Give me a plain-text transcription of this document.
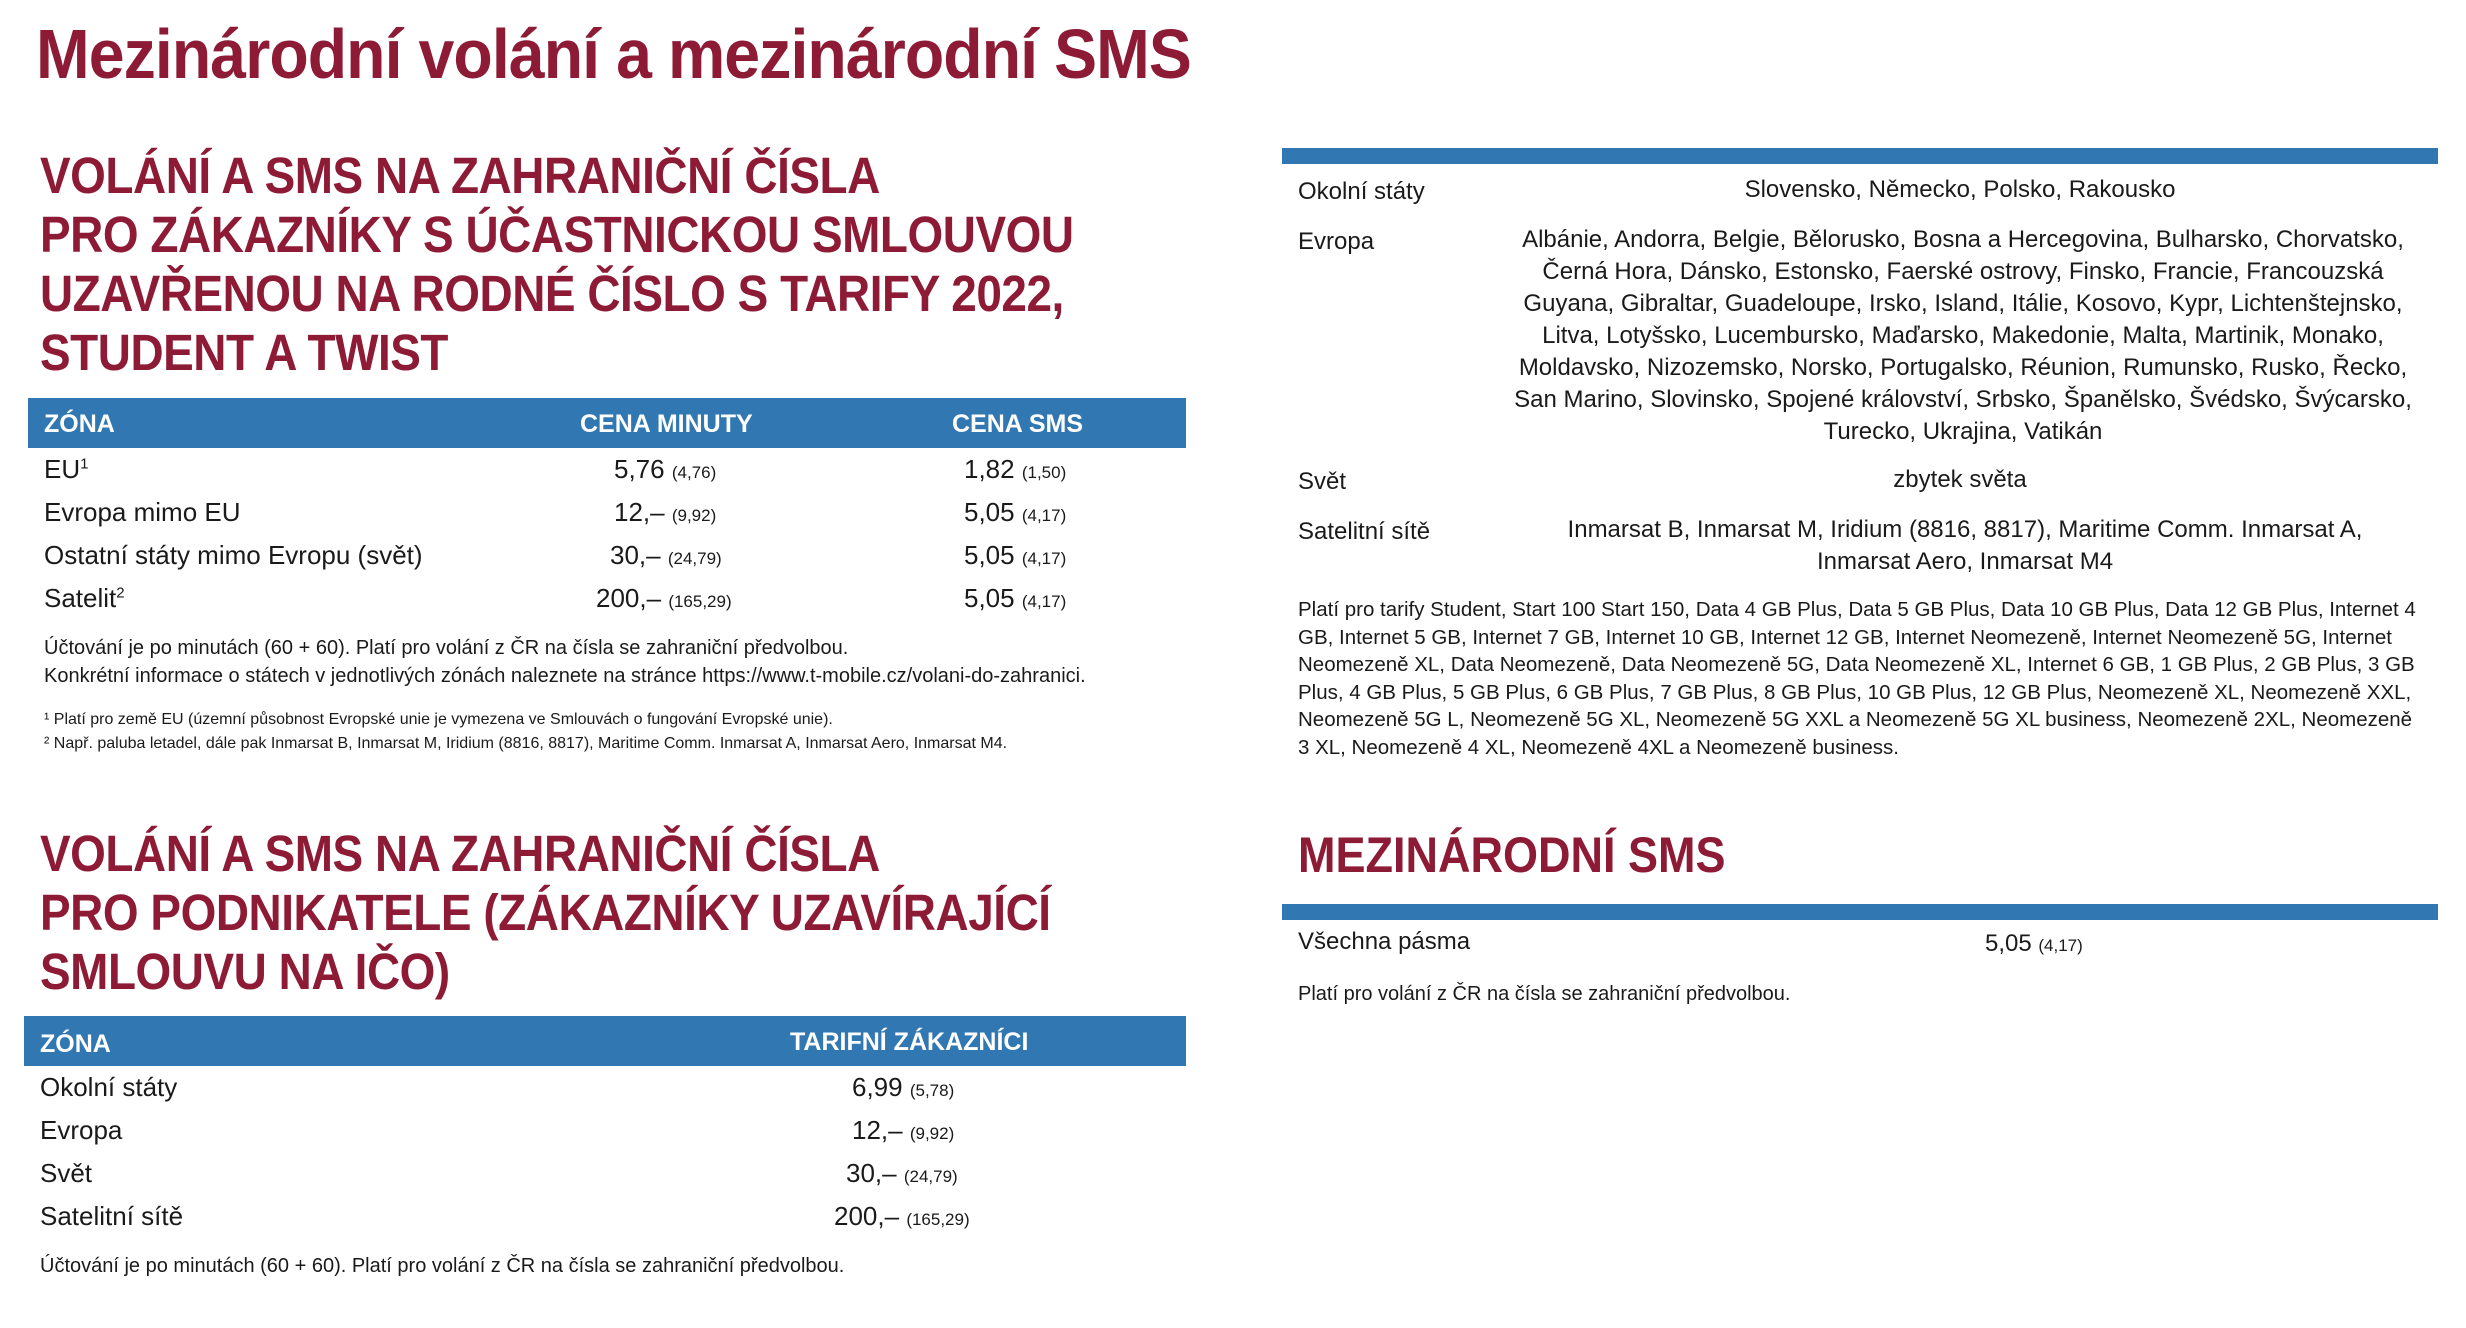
Mezinárodní volání a mezinárodní SMS
VOLÁNÍ A SMS NA ZAHRANIČNÍ ČÍSLA
PRO ZÁKAZNÍKY S ÚČASTNICKOU SMLOUVOU
UZAVŘENOU NA RODNÉ ČÍSLO S TARIFY 2022,
STUDENT A TWIST
ZÓNA	CENA MINUTY	CENA SMS
$EU^1$	5,76 (4,76)	1,82 (1,50)
Evropa mimo EU	12,– (9,92)	5,05 (4,17)
Ostatní státy mimo Evropu (svět)	30,– (24,79)	5,05 (4,17)
Satelit$^2$	200,– (165,29)	5,05 (4,17)
Účtování je po minutách (60 + 60). Platí pro volání z ČR na čísla se zahraniční předvolbou.
Konkrétní informace o státech v jednotlivých zónách naleznete na stránce https://www.t-mobile.cz/volani-do-zahranici.
¹ Platí pro země EU (územní působnost Evropské unie je vymezena ve Smlouvách o fungování Evropské unie).
² Např. paluba letadel, dále pak Inmarsat B, Inmarsat M, Iridium (8816, 8817), Maritime Comm. Inmarsat A, Inmarsat Aero, Inmarsat M4.
VOLÁNÍ A SMS NA ZAHRANIČNÍ ČÍSLA
PRO PODNIKATELE (ZÁKAZNÍKY UZAVÍRAJÍCÍ
SMLOUVU NA IČO)
ZÓNA	TARIFNÍ ZÁKAZNÍCI
Okolní státy	6,99 (5,78)
Evropa	12,– (9,92)
Svět	30,– (24,79)
Satelitní sítě	200,– (165,29)
Účtování je po minutách (60 + 60). Platí pro volání z ČR na čísla se zahraniční předvolbou.
Okolní státy	Slovensko, Německo, Polsko, Rakousko
Evropa	Albánie, Andorra, Belgie, Bělorusko, Bosna a Hercegovina, Bulharsko, Chorvatsko, Černá Hora, Dánsko, Estonsko, Faerské ostrovy, Finsko, Francie, Francouzská Guyana, Gibraltar, Guadeloupe, Irsko, Island, Itálie, Kosovo, Kypr, Lichtenštejnsko, Litva, Lotyšsko, Lucembursko, Maďarsko, Makedonie, Malta, Martinik, Monako, Moldavsko, Nizozemsko, Norsko, Portugalsko, Réunion, Rumunsko, Rusko, Řecko, San Marino, Slovinsko, Spojené království, Srbsko, Španělsko, Švédsko, Švýcarsko, Turecko, Ukrajina, Vatikán
Svět	zbytek světa
Satelitní sítě	Inmarsat B, Inmarsat M, Iridium (8816, 8817), Maritime Comm. Inmarsat A, Inmarsat Aero, Inmarsat M4
Platí pro tarify Student, Start 100 Start 150, Data 4 GB Plus, Data 5 GB Plus, Data 10 GB Plus, Data 12 GB Plus, Internet 4 GB, Internet 5 GB, Internet 7 GB, Internet 10 GB, Internet 12 GB, Internet Neomezeně, Internet Neomezeně 5G, Internet Neomezeně XL, Data Neomezeně, Data Neomezeně 5G, Data Neomezeně XL, Internet 6 GB, 1 GB Plus, 2 GB Plus, 3 GB Plus, 4 GB Plus, 5 GB Plus, 6 GB Plus, 7 GB Plus, 8 GB Plus, 10 GB Plus, 12 GB Plus, Neomezeně XL, Neomezeně XXL, Neomezeně 5G L, Neomezeně 5G XL, Neomezeně 5G XXL a Neomezeně 5G XL business, Neomezeně 2XL, Neomezeně 3 XL, Neomezeně 4 XL, Neomezeně 4XL a Neomezeně business.
MEZINÁRODNÍ SMS
Všechna pásma	5,05 (4,17)
Platí pro volání z ČR na čísla se zahraniční předvolbou.
